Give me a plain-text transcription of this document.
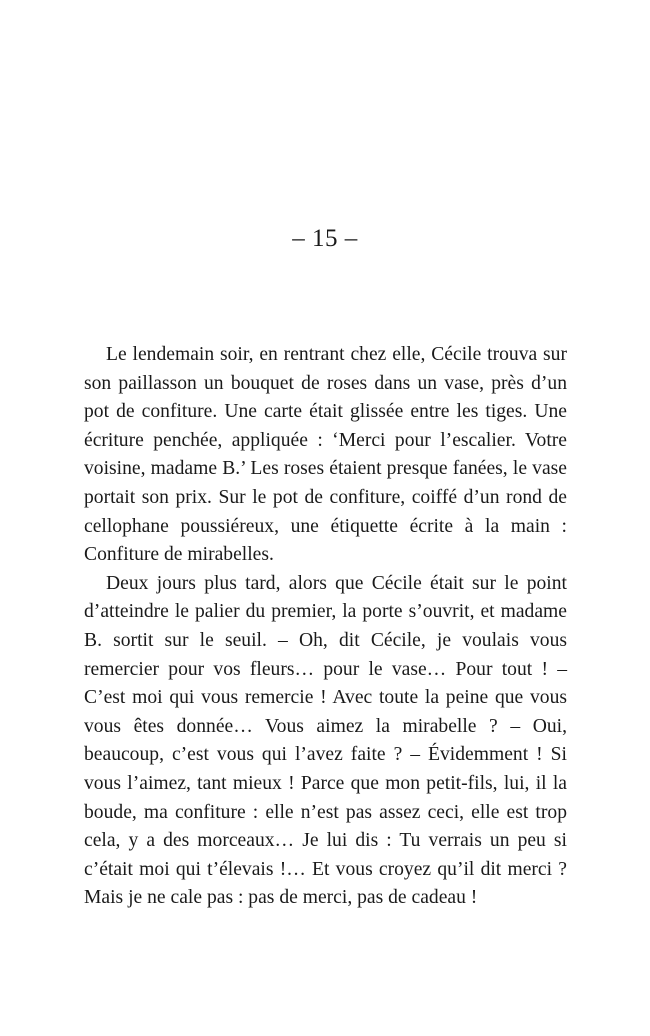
– 15 –

Le lendemain soir, en rentrant chez elle, Cécile trouva sur son paillasson un bouquet de roses dans un vase, près d’un pot de confiture. Une carte était glissée entre les tiges. Une écriture penchée, appliquée : ‘Merci pour l’escalier. Votre voisine, madame B.’ Les roses étaient presque fanées, le vase portait son prix. Sur le pot de confiture, coiffé d’un rond de cellophane poussiéreux, une étiquette écrite à la main : Confiture de mirabelles.

Deux jours plus tard, alors que Cécile était sur le point d’atteindre le palier du premier, la porte s’ouvrit, et madame B. sortit sur le seuil. – Oh, dit Cécile, je voulais vous remercier pour vos fleurs… pour le vase… Pour tout ! – C’est moi qui vous remercie ! Avec toute la peine que vous vous êtes donnée… Vous aimez la mirabelle ? – Oui, beaucoup, c’est vous qui l’avez faite ? – Évidemment ! Si vous l’aimez, tant mieux ! Parce que mon petit-fils, lui, il la boude, ma confiture : elle n’est pas assez ceci, elle est trop cela, y a des morceaux… Je lui dis : Tu verrais un peu si c’était moi qui t’élevais !… Et vous croyez qu’il dit merci ? Mais je ne cale pas : pas de merci, pas de cadeau !
